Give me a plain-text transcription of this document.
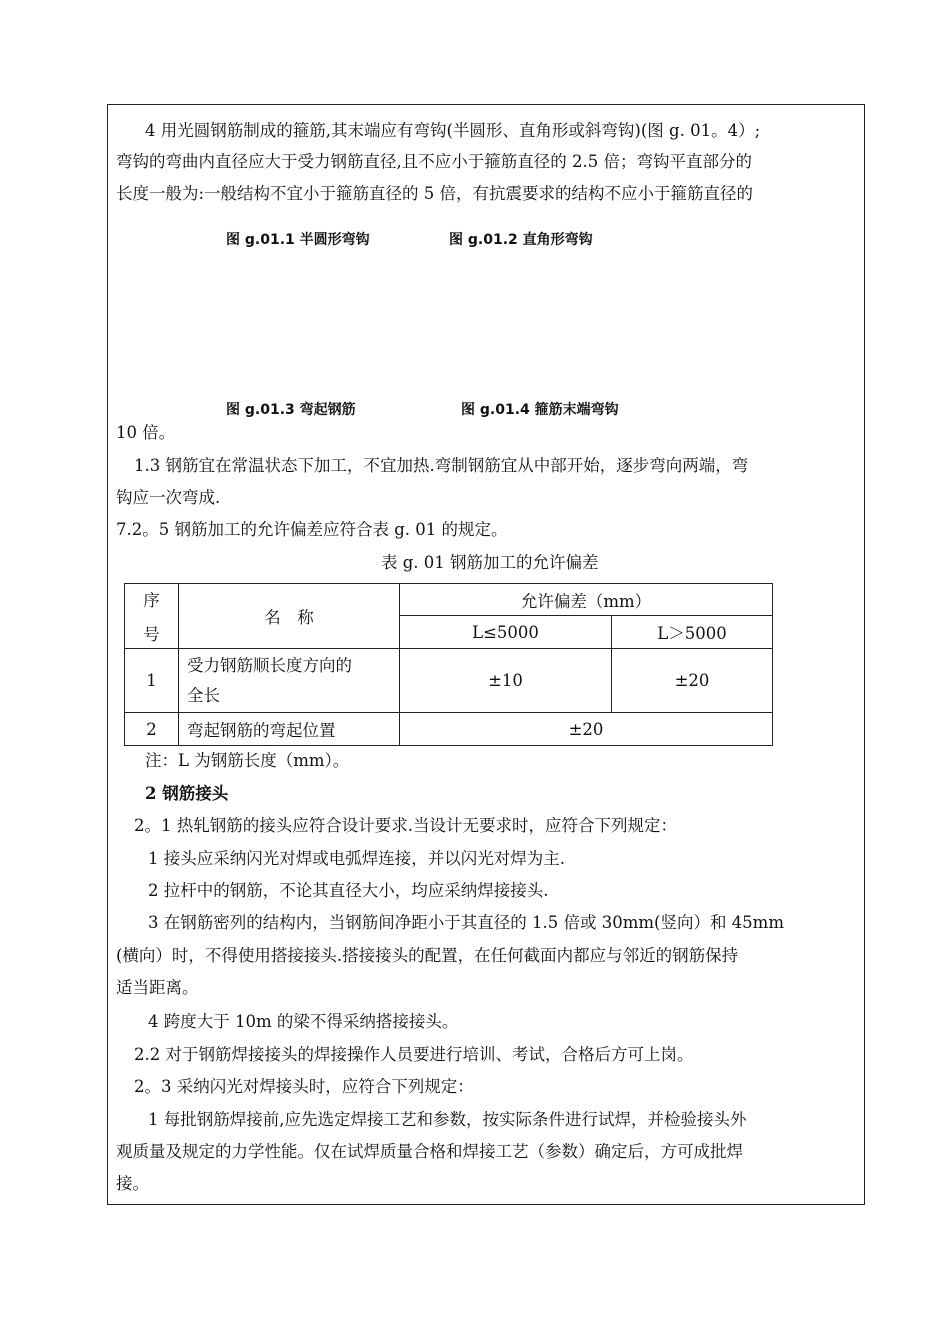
4 用光圆钢筋制成的箍筋,其末端应有弯钩(半圆形、直角形或斜弯钩)(图 g. 01。4）;
弯钩的弯曲内直径应大于受力钢筋直径,且不应小于箍筋直径的 2.5 倍；弯钩平直部分的
长度一般为:一般结构不宜小于箍筋直径的 5 倍，有抗震要求的结构不应小于箍筋直径的
图 g.01.1 半圆形弯钩	图 g.01.2 直角形弯钩
图 g.01.3 弯起钢筋	图 g.01.4 箍筋末端弯钩
10 倍。
1.3 钢筋宜在常温状态下加工，不宜加热.弯制钢筋宜从中部开始，逐步弯向两端，弯
钩应一次弯成.
7.2。5 钢筋加工的允许偏差应符合表 g. 01 的规定。
表 g. 01 钢筋加工的允许偏差
序
号	名　称	允许偏差（mm）	
		L≤5000	L＞5000
1	受力钢筋顺长度方向的
全长	±10	±20
2	弯起钢筋的弯起位置	±20	
注：L 为钢筋长度（mm）。
2 钢筋接头
2。1 热轧钢筋的接头应符合设计要求.当设计无要求时，应符合下列规定：
1 接头应采纳闪光对焊或电弧焊连接，并以闪光对焊为主.
2 拉杆中的钢筋，不论其直径大小，均应采纳焊接接头.
3 在钢筋密列的结构内，当钢筋间净距小于其直径的 1.5 倍或 30mm(竖向）和 45mm
(横向）时，不得使用搭接接头.搭接接头的配置，在任何截面内都应与邻近的钢筋保持
适当距离。
4 跨度大于 10m 的梁不得采纳搭接接头。
2.2 对于钢筋焊接接头的焊接操作人员要进行培训、考试，合格后方可上岗。
2。3 采纳闪光对焊接头时，应符合下列规定：
1 每批钢筋焊接前,应先选定焊接工艺和参数，按实际条件进行试焊，并检验接头外
观质量及规定的力学性能。仅在试焊质量合格和焊接工艺（参数）确定后，方可成批焊
接。
